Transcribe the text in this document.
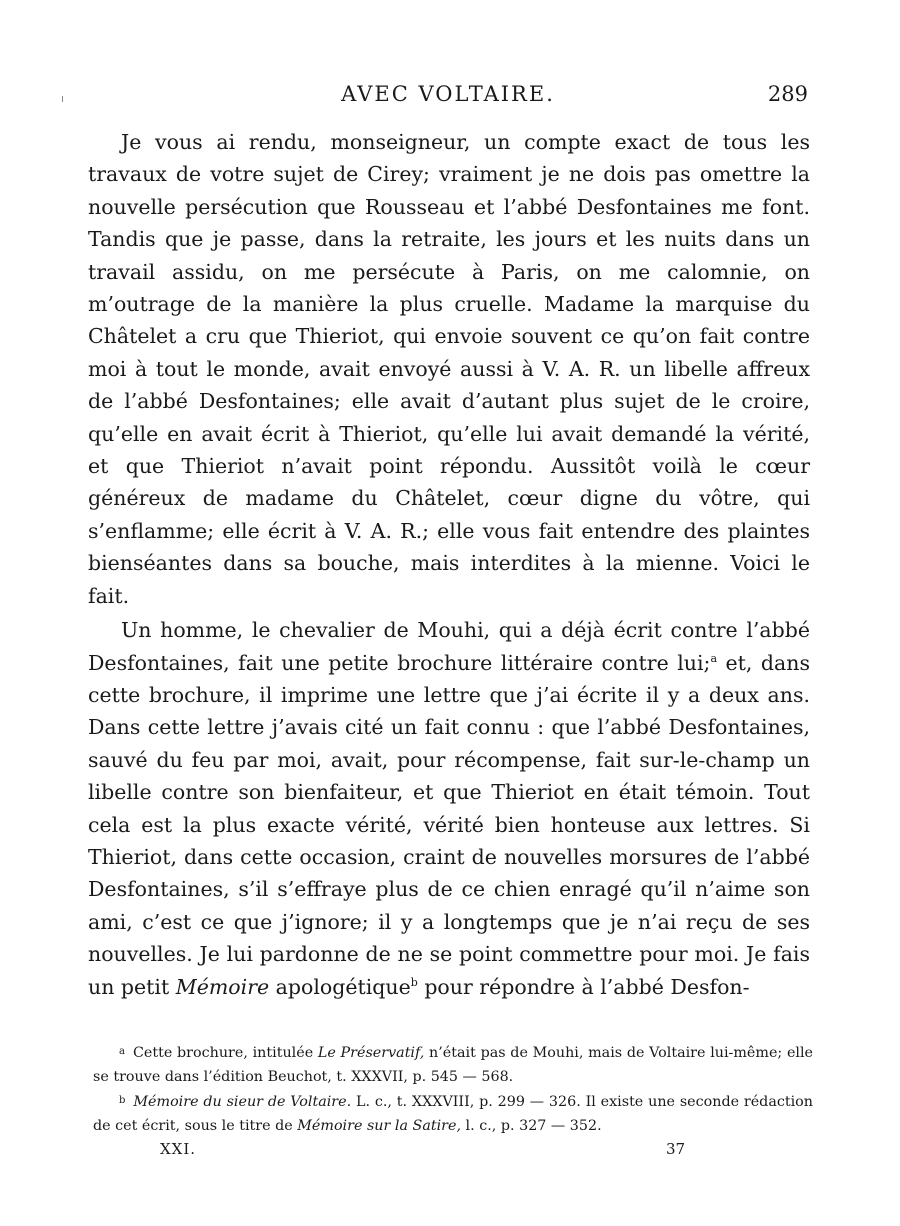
AVEC VOLTAIRE.	289

Je vous ai rendu, monseigneur, un compte exact de tous les travaux de votre sujet de Cirey; vraiment je ne dois pas omettre la nouvelle persécution que Rousseau et l’abbé Desfontaines me font. Tandis que je passe, dans la retraite, les jours et les nuits dans un travail assidu, on me persécute à Paris, on me calomnie, on m’outrage de la manière la plus cruelle. Madame la marquise du Châtelet a cru que Thieriot, qui envoie souvent ce qu’on fait contre moi à tout le monde, avait envoyé aussi à V. A. R. un libelle affreux de l’abbé Desfontaines; elle avait d’autant plus sujet de le croire, qu’elle en avait écrit à Thieriot, qu’elle lui avait demandé la vérité, et que Thieriot n’avait point répondu. Aussitôt voilà le cœur généreux de madame du Châtelet, cœur digne du vôtre, qui s’enflamme; elle écrit à V. A. R.; elle vous fait entendre des plaintes bienséantes dans sa bouche, mais interdites à la mienne. Voici le fait.

Un homme, le chevalier de Mouhi, qui a déjà écrit contre l’abbé Desfontaines, fait une petite brochure littéraire contre lui;$^a$ et, dans cette brochure, il imprime une lettre que j’ai écrite il y a deux ans. Dans cette lettre j’avais cité un fait connu : que l’abbé Desfontaines, sauvé du feu par moi, avait, pour récompense, fait sur-le-champ un libelle contre son bienfaiteur, et que Thieriot en était témoin. Tout cela est la plus exacte vérité, vérité bien honteuse aux lettres. Si Thieriot, dans cette occasion, craint de nouvelles morsures de l’abbé Desfontaines, s’il s’effraye plus de ce chien enragé qu’il n’aime son ami, c’est ce que j’ignore; il y a longtemps que je n’ai reçu de ses nouvelles. Je lui pardonne de ne se point commettre pour moi. Je fais un petit Mémoire apologétique$^b$ pour répondre à l’abbé Desfon-

$^a$ Cette brochure, intitulée Le Préservatif, n’était pas de Mouhi, mais de Voltaire lui-même; elle se trouve dans l’édition Beuchot, t. XXXVII, p. 545 — 568.

$^b$ Mémoire du sieur de Voltaire. L. c., t. XXXVIII, p. 299 — 326. Il existe une seconde rédaction de cet écrit, sous le titre de Mémoire sur la Satire, l. c., p. 327 — 352.

XXI.	37
